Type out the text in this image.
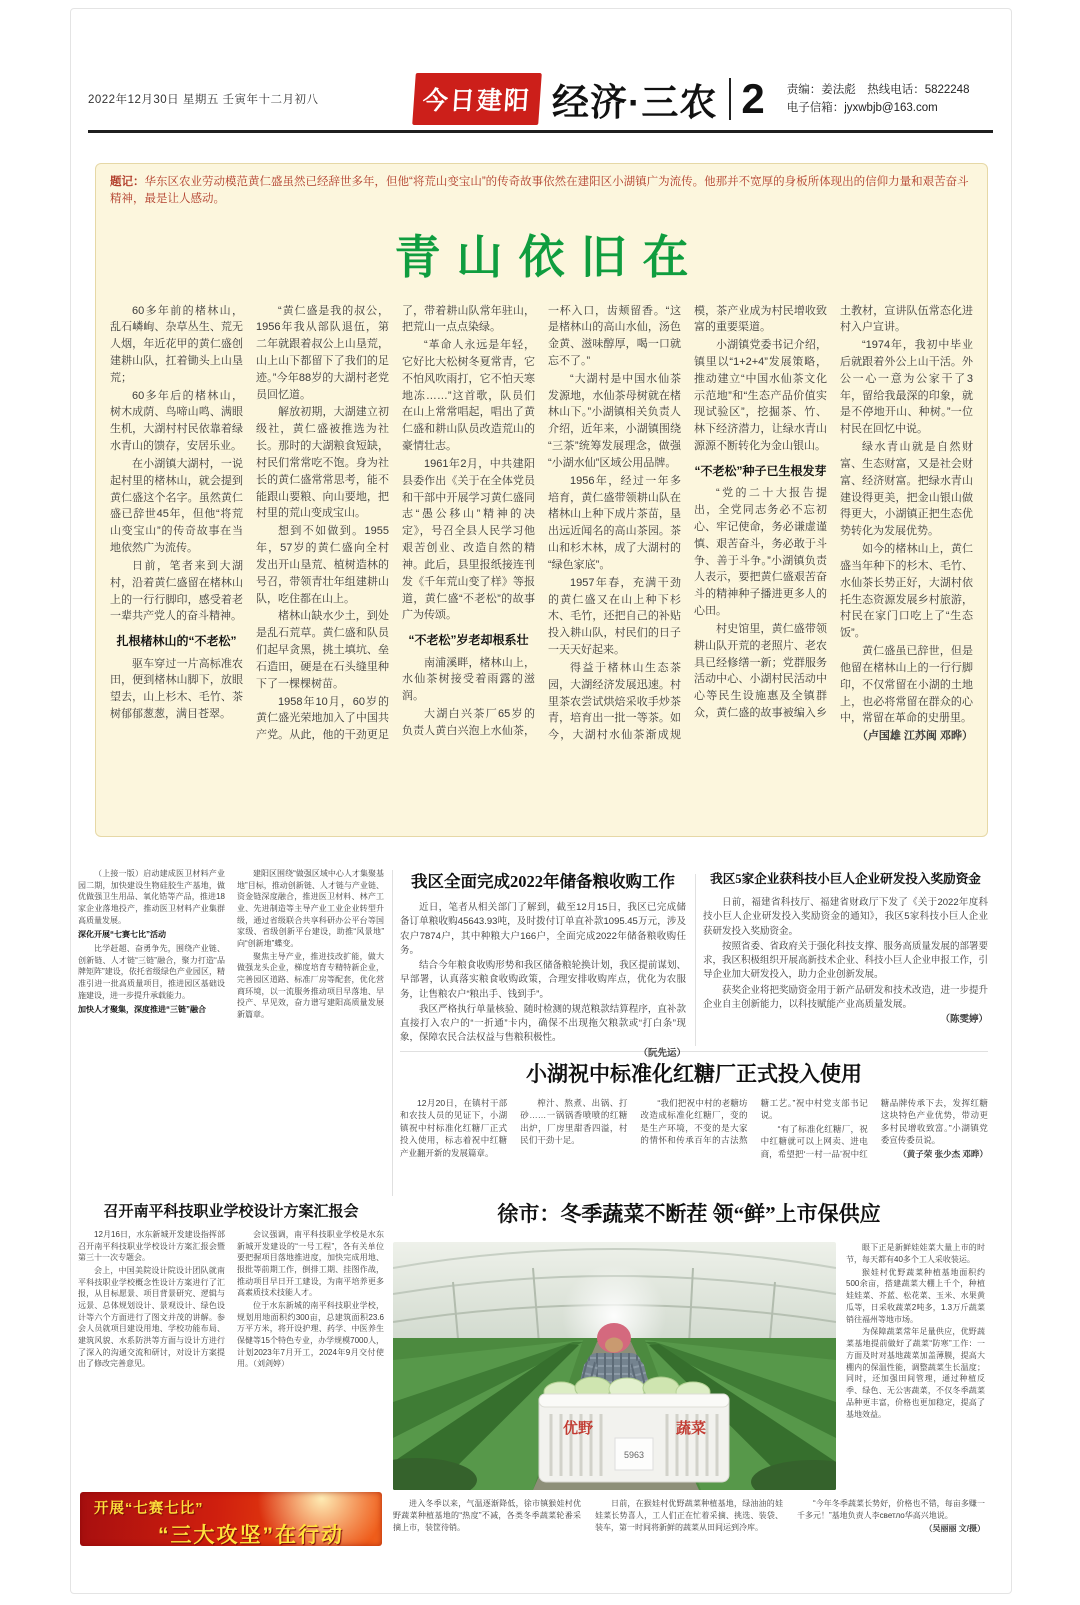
2022年12月30日 星期五 壬寅年十二月初八	今日建阳 经济·三农 2 责编：姜法彪　热线电话：5822248
电子信箱：jyxwbjb@163.com
题记：华东区农业劳动模范黄仁盛虽然已经辞世多年，但他“将荒山变宝山”的传奇故事依然在建阳区小湖镇广为流传。他那并不宽厚的身板所体现出的信仰力量和艰苦奋斗精神，最是让人感动。
青山依旧在

60多年前的楮林山，乱石嶙峋、杂草丛生、荒无人烟，年近花甲的黄仁盛创建耕山队，扛着锄头上山垦荒；

60多年后的楮林山，树木成荫、鸟啼山鸣、满眼生机，大湖村村民依靠着绿水青山的馈存，安居乐业。

在小湖镇大湖村，一说起村里的楮林山，就会提到黄仁盛这个名字。虽然黄仁盛已辞世45年，但他“将荒山变宝山”的传奇故事在当地依然广为流传。

日前，笔者来到大湖村，沿着黄仁盛留在楮林山上的一行行脚印，感受着老一辈共产党人的奋斗精神。

扎根楮林山的“不老松”

驱车穿过一片高标准农田，便到楮林山脚下，放眼望去，山上杉木、毛竹、茶树郁郁葱葱，满目苍翠。

“黄仁盛是我的叔公，1956年我从部队退伍，第二年就跟着叔公上山垦荒，山上山下都留下了我们的足迹。”今年88岁的大湖村老党员回忆道。

解放初期，大湖建立初级社，黄仁盛被推选为社长。那时的大湖粮食短缺，村民们常常吃不饱。身为社长的黄仁盛常常思考，能不能跟山要粮、向山要地，把村里的荒山变成宝山。

想到不如做到。1955年，57岁的黄仁盛向全村发出开山垦荒、植树造林的号召，带领青壮年组建耕山队，吃住都在山上。

楮林山缺水少土，到处是乱石荒草。黄仁盛和队员们起早贪黑，挑土填坑、垒石造田，硬是在石头缝里种下了一棵棵树苗。

1958年10月，60岁的黄仁盛光荣地加入了中国共产党。从此，他的干劲更足了，带着耕山队常年驻山，把荒山一点点染绿。

“革命人永远是年轻，它好比大松树冬夏常青，它不怕风吹雨打，它不怕天寒地冻……”这首歌，队员们在山上常常唱起，唱出了黄仁盛和耕山队员改造荒山的豪情壮志。

1961年2月，中共建阳县委作出《关于在全体党员和干部中开展学习黄仁盛同志“愚公移山”精神的决定》，号召全县人民学习他艰苦创业、改造自然的精神。此后，县里报纸接连刊发《千年荒山变了样》等报道，黄仁盛“不老松”的故事广为传颂。

“不老松”岁老却根系壮

南浦溪畔，楮林山上，水仙茶树接受着雨露的滋润。

大湖白兴茶厂65岁的负责人黄白兴泡上水仙茶，一杯入口，齿颊留香。“这是楮林山的高山水仙，汤色金黄、滋味醇厚，喝一口就忘不了。”

“大湖村是中国水仙茶发源地，水仙茶母树就在楮林山下。”小湖镇相关负责人介绍，近年来，小湖镇围绕“三茶”统筹发展理念，做强“小湖水仙”区域公用品牌。

1956年，经过一年多培育，黄仁盛带领耕山队在楮林山上种下成片茶苗，垦出远近闻名的高山茶园。茶山和杉木林，成了大湖村的“绿色家底”。

1957年春，充满干劲的黄仁盛又在山上种下杉木、毛竹，还把自己的补贴投入耕山队，村民们的日子一天天好起来。

得益于楮林山生态茶园，大湖经济发展迅速。村里茶农尝试烘焙采收手炒茶青，培育出一批一等茶。如今，大湖村水仙茶渐成规模，茶产业成为村民增收致富的重要渠道。

小湖镇党委书记介绍，镇里以“1+2+4”发展策略，推动建立“中国水仙茶文化示范地”和“生态产品价值实现试验区”，挖掘茶、竹、林下经济潜力，让绿水青山源源不断转化为金山银山。

“不老松”种子已生根发芽

“党的二十大报告提出，全党同志务必不忘初心、牢记使命，务必谦虚谨慎、艰苦奋斗，务必敢于斗争、善于斗争。”小湖镇负责人表示，要把黄仁盛艰苦奋斗的精神种子播进更多人的心田。

村史馆里，黄仁盛带领耕山队开荒的老照片、老农具已经修缮一新；党群服务活动中心、小湖村民活动中心等民生设施惠及全镇群众，黄仁盛的故事被编入乡土教材，宣讲队伍常态化进村入户宣讲。

“1974年，我初中毕业后就跟着外公上山干活。外公一心一意为公家干了3年，留给我最深的印象，就是不停地开山、种树。”一位村民在回忆中说。

绿水青山就是自然财富、生态财富，又是社会财富、经济财富。把绿水青山建设得更美，把金山银山做得更大，小湖镇正把生态优势转化为发展优势。

如今的楮林山上，黄仁盛当年种下的杉木、毛竹、水仙茶长势正好，大湖村依托生态资源发展乡村旅游，村民在家门口吃上了“生态饭”。

黄仁盛虽已辞世，但是他留在楮林山上的一行行脚印，不仅常留在小湖的土地上，也必将常留在群众的心中，常留在革命的史册里。

（卢国雄 江苏闽 邓晔）

（上接一版）启动建成医卫材料产业园二期，加快建设生物硅胶生产基地，做优做强卫生用品、氧化锆等产品，推进18家企业落地投产，推动医卫材料产业集群高质量发展。

深化开展“七赛七比”活动

比学赶超、奋勇争先，围绕产业链、创新链、人才链“三链”融合，聚力打造“品牌矩阵”建设，依托省级绿色产业园区，精准引进一批高质量项目，推进园区基础设施建设，进一步提升承载能力。

加快人才聚集，深度推进“三链”融合

建阳区围绕“做强区域中心人才集聚基地”目标，推动创新链、人才链与产业链、资金链深度融合，推进医卫材料、林产工业、先进制造等主导产业工业企业转型升级，通过省级联合共享科研办公平台等国家级、省级创新平台建设，助推“风景地”向“创新地”蝶变。

聚焦主导产业，推进技改扩能，做大做强龙头企业，梯度培育专精特新企业，完善园区道路、标准厂房等配套，优化营商环境，以一流服务推动项目早落地、早投产、早见效，奋力谱写建阳高质量发展新篇章。

我区全面完成2022年储备粮收购工作

近日，笔者从相关部门了解到，截至12月15日，我区已完成储备订单粮收购45643.93吨，及时拨付订单直补款1095.45万元，涉及农户7874户，其中种粮大户166户，全面完成2022年储备粮收购任务。

结合今年粮食收购形势和我区储备粮轮换计划，我区提前谋划、早部署，认真落实粮食收购政策，合理安排收购库点，优化为农服务，让售粮农户“粮出手、钱到手”。

我区严格执行单量核验、随时检测的规范粮款结算程序，直补款直接打入农户的“一折通”卡内，确保不出现拖欠粮款或“打白条”现象，保障农民合法权益与售粮积极性。

（阮先运）

我区5家企业获科技小巨人企业研发投入奖励资金

日前，福建省科技厅、福建省财政厅下发了《关于2022年度科技小巨人企业研发投入奖励资金的通知》，我区5家科技小巨人企业获研发投入奖励资金。

按照省委、省政府关于强化科技支撑、服务高质量发展的部署要求，我区积极组织开展高新技术企业、科技小巨人企业申报工作，引导企业加大研发投入，助力企业创新发展。

获奖企业将把奖励资金用于新产品研发和技术改造，进一步提升企业自主创新能力，以科技赋能产业高质量发展。

（陈雯婷）

小湖祝中标准化红糖厂正式投入使用

12月20日，在镇村干部和农技人员的见证下，小湖镇祝中村标准化红糖厂正式投入使用，标志着祝中红糖产业翻开新的发展篇章。

榨汁、熬煮、出锅、打砂……一锅锅香喷喷的红糖出炉，厂房里甜香四溢，村民们干劲十足。

“我们把祝中村的老糖坊改造成标准化红糖厂，变的是生产环境，不变的是大家的情怀和传承百年的古法熬糖工艺。”祝中村党支部书记说。

“有了标准化红糖厂，祝中红糖就可以上网卖、进电商，希望把‘一村一品’祝中红糖品牌传承下去，发挥红糖这块特色产业优势，带动更多村民增收致富。”小湖镇党委宣传委员说。

（黄子荣 张少杰 邓晔）

召开南平科技职业学校设计方案汇报会

12月16日，水东新城开发建设指挥部召开南平科技职业学校设计方案汇报会暨第三十一次专题会。

会上，中国美院设计院设计团队就南平科技职业学校概念性设计方案进行了汇报，从目标愿景、项目背景研究、逻辑与远景、总体规划设计、景观设计、绿色设计等六个方面进行了图文并茂的讲解。参会人员就项目建设用地、学校功能布局、建筑风貌、水系防洪等方面与设计方进行了深入的沟通交流和研讨，对设计方案提出了修改完善意见。

会议强调，南平科技职业学校是水东新城开发建设的“一号工程”，各有关单位要把握项目落地推进度，加快完成用地、报批等前期工作，倒排工期、挂图作战，推动项目早日开工建设，为南平培养更多高素质技术技能人才。

位于水东新城的南平科技职业学校，规划用地面积约300亩，总建筑面积23.6万平方米，将开设护理、药学、中医养生保健等15个特色专业，办学规模7000人，计划2023年7月开工，2024年9月交付使用。（刘剑婷）

开展“七赛七比”
“三大攻坚”在行动
徐市：冬季蔬菜不断茬 领“鲜”上市保供应
5963
优野	蔬菜

眼下正是新鲜娃娃菜大量上市的时节，每天都有40多个工人采收装运。

猴娃村优野蔬菜种植基地面积约500余亩，搭建蔬菜大棚上千个，种植娃娃菜、芥蓝、松花菜、玉米、水果黄瓜等，日采收蔬菜2吨多，1.3万斤蔬菜销往福州等地市场。

为保障蔬菜常年足量供应，优野蔬菜基地提前做好了蔬菜“防寒”工作：一方面及时对基地蔬菜加盖薄膜，提高大棚内的保温性能，调整蔬菜生长温度；同时，还加强田间管理，通过种植反季、绿色、无公害蔬菜，不仅冬季蔬菜品种更丰富，价格也更加稳定，提高了基地效益。

进入冬季以来，气温逐渐降低，徐市镇猴娃村优野蔬菜种植基地的“热度”不减，各类冬季蔬菜轮番采摘上市，装筐待销。

日前，在猴娃村优野蔬菜种植基地，绿油油的娃娃菜长势喜人，工人们正在忙着采摘、挑选、装袋、装车，第一时间将新鲜的蔬菜从田间运到冷库。

“今年冬季蔬菜长势好，价格也不错，每亩多赚一千多元！”基地负责人李светло华高兴地说。

（吴丽丽 文/摄）
